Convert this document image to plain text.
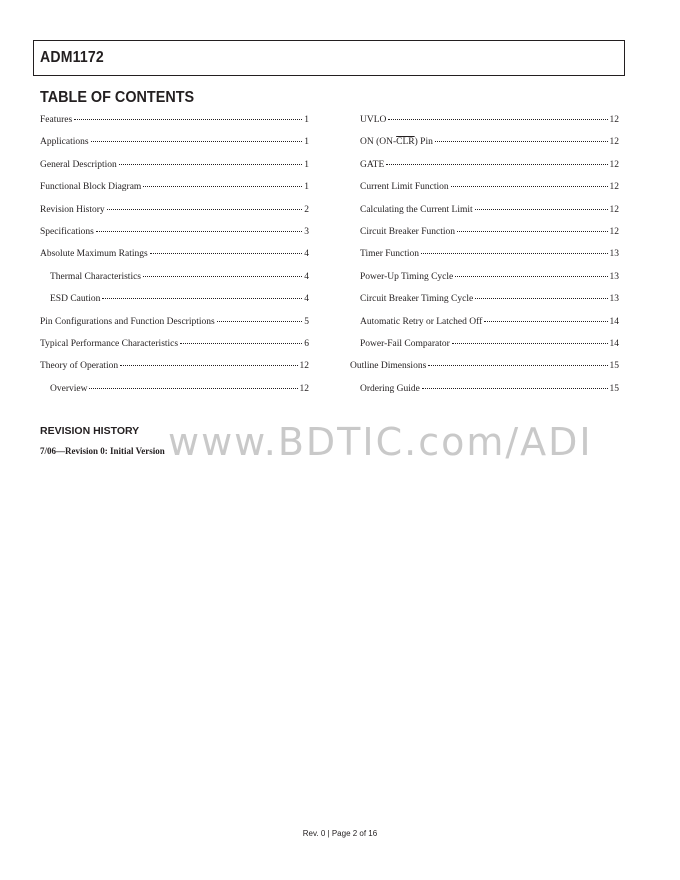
ADM1172
TABLE OF CONTENTS
Features	1
Applications	1
General Description	1
Functional Block Diagram	1
Revision History	2
Specifications	3
Absolute Maximum Ratings	4
Thermal Characteristics	4
ESD Caution	4
Pin Configurations and Function Descriptions	5
Typical Performance Characteristics	6
Theory of Operation	12
Overview	12
UVLO	12
ON $(ON-\overline{CLR})$ Pin	12
GATE	12
Current Limit Function	12
Calculating the Current Limit	12
Circuit Breaker Function	12
Timer Function	13
Power-Up Timing Cycle	13
Circuit Breaker Timing Cycle	13
Automatic Retry or Latched Off	14
Power-Fail Comparator	14
Outline Dimensions	15
Ordering Guide	15
REVISION HISTORY
7/06—Revision 0: Initial Version www.BDTIC.com/ADI
Rev. 0 | Page 2 of 16
